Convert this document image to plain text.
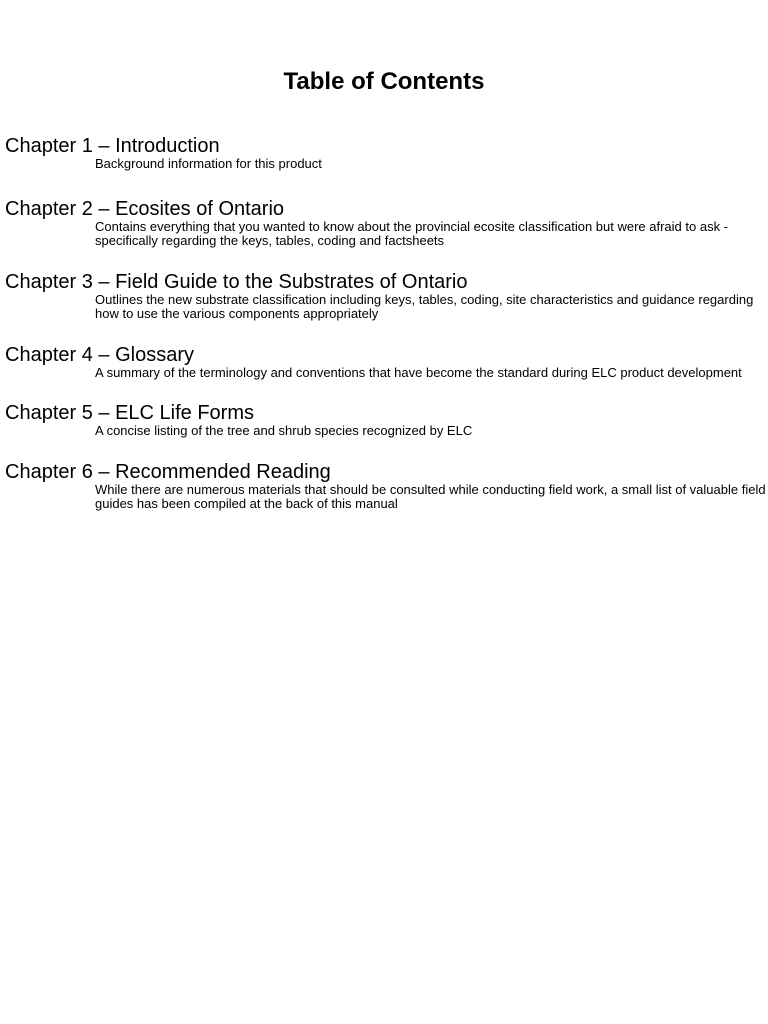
Table of Contents
Chapter 1 – Introduction
Background information for this product
Chapter 2 – Ecosites of Ontario
Contains everything that you wanted to know about the provincial ecosite classification but were afraid to ask - specifically regarding the keys, tables, coding and factsheets
Chapter 3 – Field Guide to the Substrates of Ontario
Outlines the new substrate classification including keys, tables, coding, site characteristics and guidance regarding how to use the various components appropriately
Chapter 4 – Glossary
A summary of the terminology and conventions that have become the standard during ELC product development
Chapter 5 – ELC Life Forms
A concise listing of the tree and shrub species recognized by ELC
Chapter 6 – Recommended Reading
While there are numerous materials that should be consulted while conducting field work, a small list of valuable field guides has been compiled at the back of this manual
